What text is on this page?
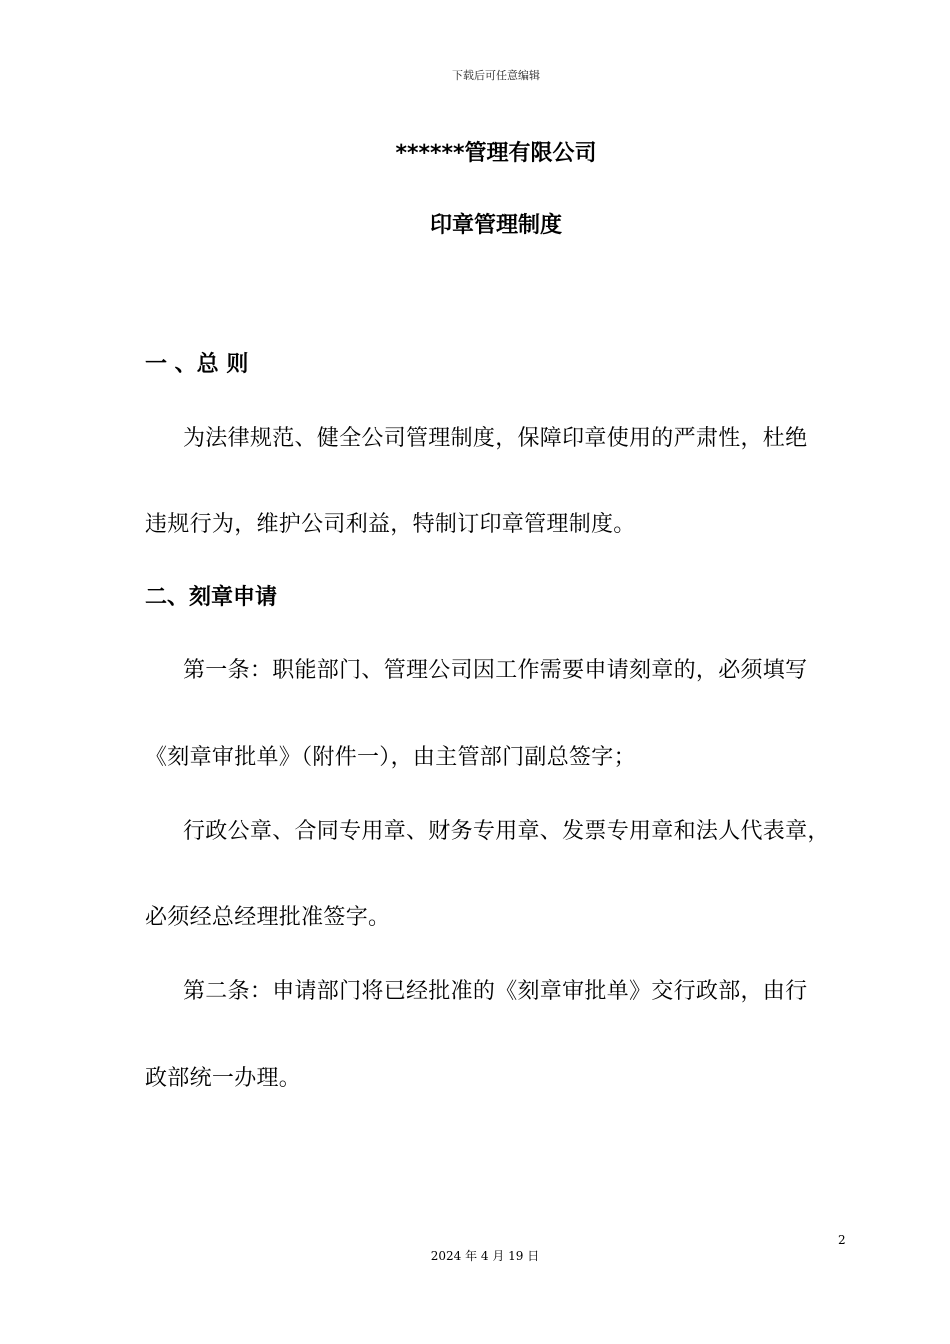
下载后可任意编辑
******管理有限公司
印章管理制度
一 、总 则
为法律规范、健全公司管理制度，保障印章使用的严肃性，杜绝
违规行为，维护公司利益，特制订印章管理制度。
二、刻章申请
第一条：职能部门、管理公司因工作需要申请刻章的，必须填写
《刻章审批单》（附件一），由主管部门副总签字；
行政公章、合同专用章、财务专用章、发票专用章和法人代表章，
必须经总经理批准签字。
第二条：申请部门将已经批准的《刻章审批单》交行政部，由行
政部统一办理。
2
2024 年 4 月 19 日
